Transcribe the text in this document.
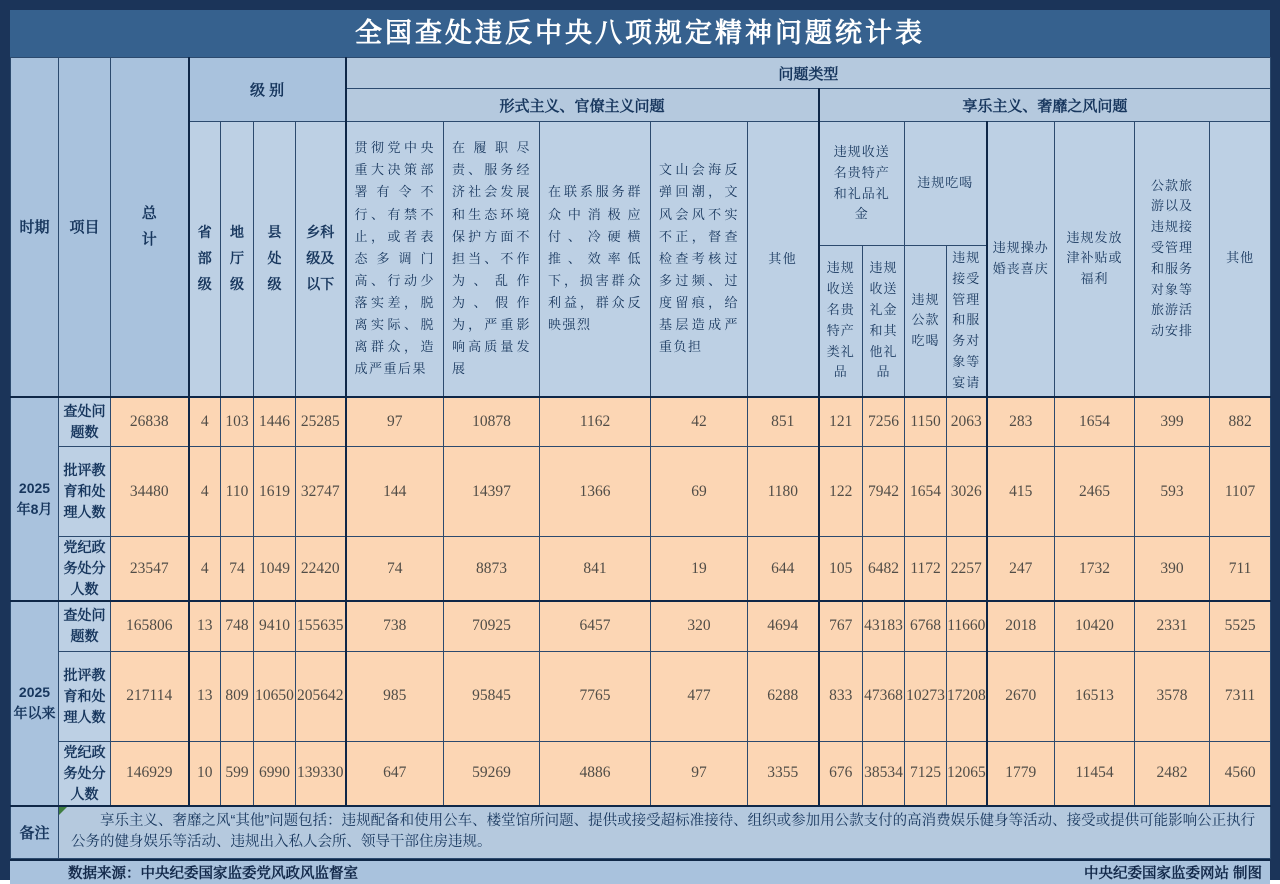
全国查处违反中央八项规定精神问题统计表
时期	项目	总计	级 别				问题类型												
							形式主义、官僚主义问题					享乐主义、奢靡之风问题							
			省部级	地厅级	县处级	乡科级及以下	贯彻党中央重大决策部署有令不行、有禁不止，或者表态多调门高、行动少落实差，脱离实际、脱离群众，造成严重后果	在履职尽责、服务经济社会发展和生态环境保护方面不担当、不作为、乱作为、假作为，严重影响高质量发展	在联系服务群众中消极应付、冷硬横推、效率低下，损害群众利益，群众反映强烈	文山会海反弹回潮，文风会风不实不正，督查检查考核过多过频、过度留痕，给基层造成严重负担	其他	违规收送名贵特产和礼品礼金		违规吃喝		违规操办婚丧喜庆	违规发放津补贴或福利	公款旅游以及违规接受管理和服务对象等旅游活动安排	其他
												违规收送名贵特产类礼品	违规收送礼金和其他礼品	违规公款吃喝	违规接受管理和服务对象等宴请				
2025年8月	查处问题数	26838	4	103	1446	25285	97	10878	1162	42	851	121	7256	1150	2063	283	1654	399	882
	批评教育和处理人数	34480	4	110	1619	32747	144	14397	1366	69	1180	122	7942	1654	3026	415	2465	593	1107
	党纪政务处分人数	23547	4	74	1049	22420	74	8873	841	19	644	105	6482	1172	2257	247	1732	390	711
2025年以来	查处问题数	165806	13	748	9410	155635	738	70925	6457	320	4694	767	43183	6768	11660	2018	10420	2331	5525
	批评教育和处理人数	217114	13	809	10650	205642	985	95845	7765	477	6288	833	47368	10273	17208	2670	16513	3578	7311
	党纪政务处分人数	146929	10	599	6990	139330	647	59269	4886	97	3355	676	38534	7125	12065	1779	11454	2482	4560
备注	享乐主义、奢靡之风“其他”问题包括：违规配备和使用公车、楼堂馆所问题、提供或接受超标准接待、组织或参加用公款支付的高消费娱乐健身等活动、接受或提供可能影响公正执行公务的健身娱乐等活动、违规出入私人会所、领导干部住房违规。																		
数据来源：中央纪委国家监委党风政风监督室	中央纪委国家监委网站 制图
